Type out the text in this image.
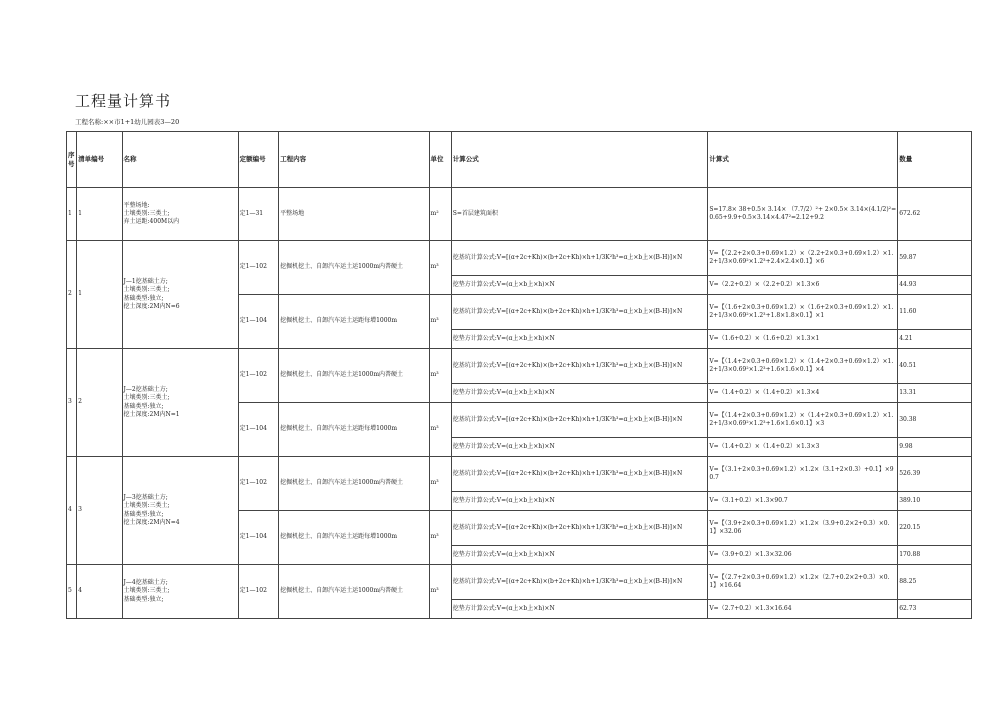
工程量计算书
工程名称:××市1+1幼儿园表3—20
序号	清单编号	名称	定额编号	工程内容	单位	计算公式	计算式	数量
1	1	平整场地:
土壤类别:三类土;
弃土运距:400M以内	定1—31	平整场地	m²	S=首层建筑面积	S=17.8× 38+0.5× 3.14× （7.7/2）²+ 2×0.5× 3.14×(4.1/2)²=0.65+9.9+0.5×3.14×4.47²=2.12+9.2	672.62
2	1	J—1挖基础土方;
土壤类别:三类土;
基础类型:独立;
挖土深度:2M内N=6	定1—102	挖掘机挖土、自卸汽车运土运1000m内普硬土	m³	挖基坑计算公式:V=[(ɑ+2c+Kh)×(b+2c+Kh)×h+1/3K²h³=ɑ上×b上×(B-H)]×N	V=【（2.2+2×0.3+0.69×1.2）×（2.2+2×0.3+0.69×1.2）×1.2+1/3×0.69²×1.2³+2.4×2.4×0.1】×6	59.87
						挖垫方计算公式:V=(ɑ上×b上×h)×N	V=（2.2+0.2）×（2.2+0.2）×1.3×6	44.93
			定1—104	挖掘机挖土、自卸汽车运土运距每增1000m	m³	挖基坑计算公式:V=[(ɑ+2c+Kh)×(b+2c+Kh)×h+1/3K²h³=ɑ上×b上×(B-H)]×N	V=【（1.6+2×0.3+0.69×1.2）×（1.6+2×0.3+0.69×1.2）×1.2+1/3×0.69²×1.2³+1.8×1.8×0.1】×1	11.60
						挖垫方计算公式:V=(ɑ上×b上×h)×N	V=（1.6+0.2）×（1.6+0.2）×1.3×1	4.21
3	2	J—2挖基础土方;
土壤类别:三类土;
基础类型:独立;
挖土深度:2M内N=1	定1—102	挖掘机挖土、自卸汽车运土运1000m内普硬土	m³	挖基坑计算公式:V=[(ɑ+2c+Kh)×(b+2c+Kh)×h+1/3K²h³=ɑ上×b上×(B-H)]×N	V=【（1.4+2×0.3+0.69×1.2）×（1.4+2×0.3+0.69×1.2）×1.2+1/3×0.69²×1.2³+1.6×1.6×0.1】×4	40.51
						挖垫方计算公式:V=(ɑ上×b上×h)×N	V=（1.4+0.2）×（1.4+0.2）×1.3×4	13.31
			定1—104	挖掘机挖土、自卸汽车运土运距每增1000m	m³	挖基坑计算公式:V=[(ɑ+2c+Kh)×(b+2c+Kh)×h+1/3K²h³=ɑ上×b上×(B-H)]×N	V=【（1.4+2×0.3+0.69×1.2）×（1.4+2×0.3+0.69×1.2）×1.2+1/3×0.69²×1.2³+1.6×1.6×0.1】×3	30.38
						挖垫方计算公式:V=(ɑ上×b上×h)×N	V=（1.4+0.2）×（1.4+0.2）×1.3×3	9.98
4	3	J—3挖基础土方;
土壤类别:三类土;
基础类型:独立;
挖土深度:2M内N=4	定1—102	挖掘机挖土、自卸汽车运土运1000m内普硬土	m³	挖基坑计算公式:V=[(ɑ+2c+Kh)×(b+2c+Kh)×h+1/3K²h³=ɑ上×b上×(B-H)]×N	V=【（3.1+2×0.3+0.69×1.2）×1.2×（3.1+2×0.3）+0.1】×90.7	526.39
						挖垫方计算公式:V=(ɑ上×b上×h)×N	V=（3.1+0.2）×1.3×90.7	389.10
			定1—104	挖掘机挖土、自卸汽车运土运距每增1000m	m³	挖基坑计算公式:V=[(ɑ+2c+Kh)×(b+2c+Kh)×h+1/3K²h³=ɑ上×b上×(B-H)]×N	V=【（3.9+2×0.3+0.69×1.2）×1.2×（3.9+0.2×2+0.3）×0.1】×32.06	220.15
						挖垫方计算公式:V=(ɑ上×b上×h)×N	V=（3.9+0.2）×1.3×32.06	170.88
5	4	J—4挖基础土方;
土壤类别:三类土;
基础类型:独立;	定1—102	挖掘机挖土、自卸汽车运土运1000m内普硬土	m³	挖基坑计算公式:V=[(ɑ+2c+Kh)×(b+2c+Kh)×h+1/3K²h³=ɑ上×b上×(B-H)]×N	V=【（2.7+2×0.3+0.69×1.2）×1.2×（2.7+0.2×2+0.3）×0.1】×16.64	88.25
						挖垫方计算公式:V=(ɑ上×b上×h)×N	V=（2.7+0.2）×1.3×16.64	62.73
